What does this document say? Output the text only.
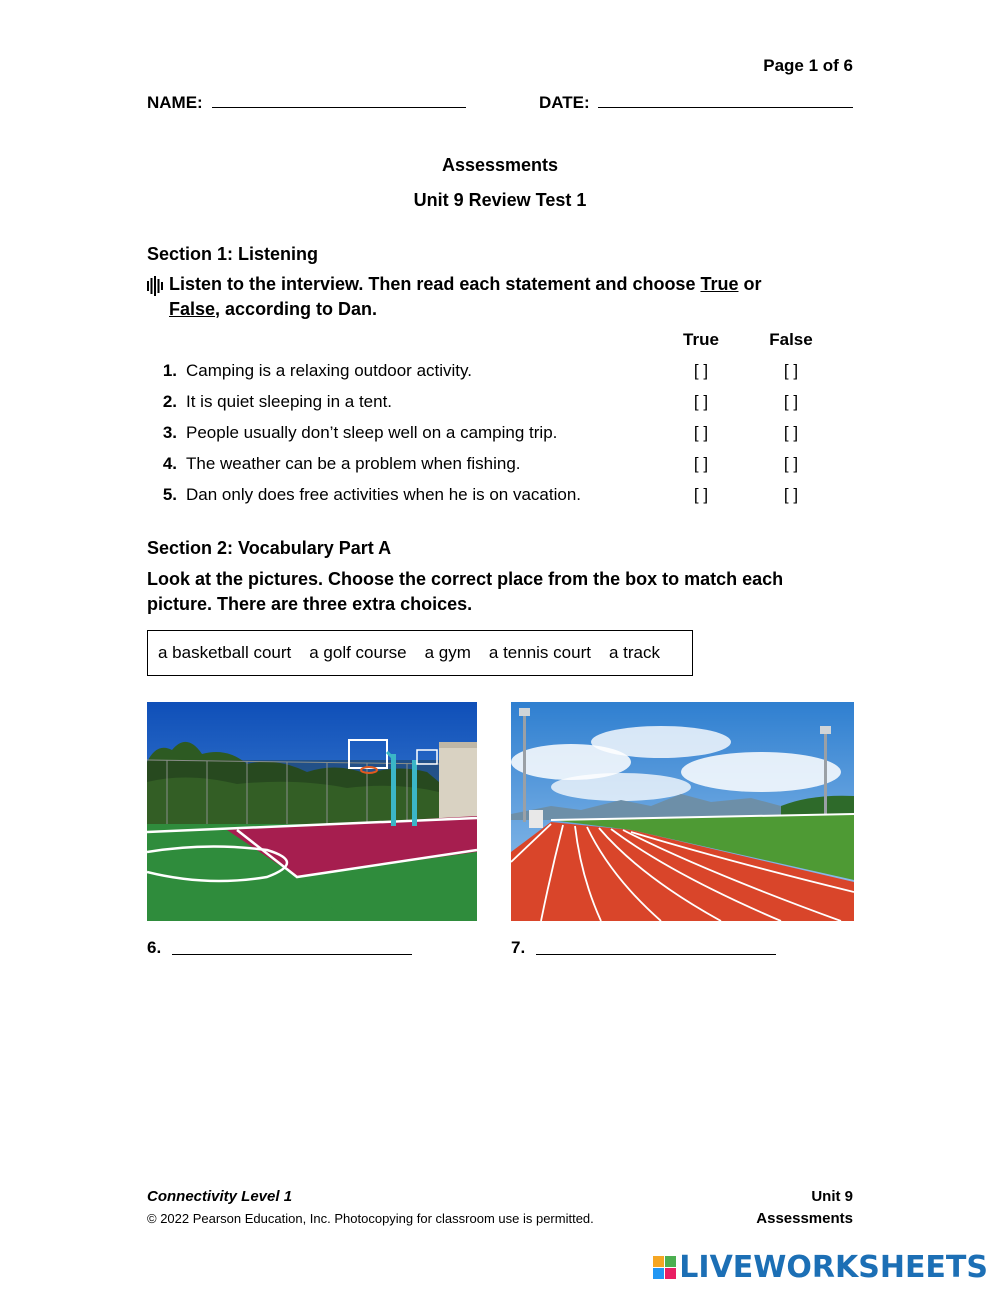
Page 1 of 6
NAME:	DATE:
Assessments
Unit 9 Review Test 1
Section 1: Listening
Listen to the interview. Then read each statement and choose True or
False, according to Dan.
True	False
1. Camping is a relaxing outdoor activity.	[ ]	[ ]
2. It is quiet sleeping in a tent.	[ ]	[ ]
3. People usually don’t sleep well on a camping trip.	[ ]	[ ]
4. The weather can be a problem when fishing.	[ ]	[ ]
5. Dan only does free activities when he is on vacation.	[ ]	[ ]
Section 2: Vocabulary Part A
Look at the pictures. Choose the correct place from the box to match each
picture. There are three extra choices.
a basketball court a golf course a gym a tennis court a track
6.	7.
Connectivity Level 1
© 2022 Pearson Education, Inc. Photocopying for classroom use is permitted.
Unit 9
Assessments
LIVEWORKSHEETS
